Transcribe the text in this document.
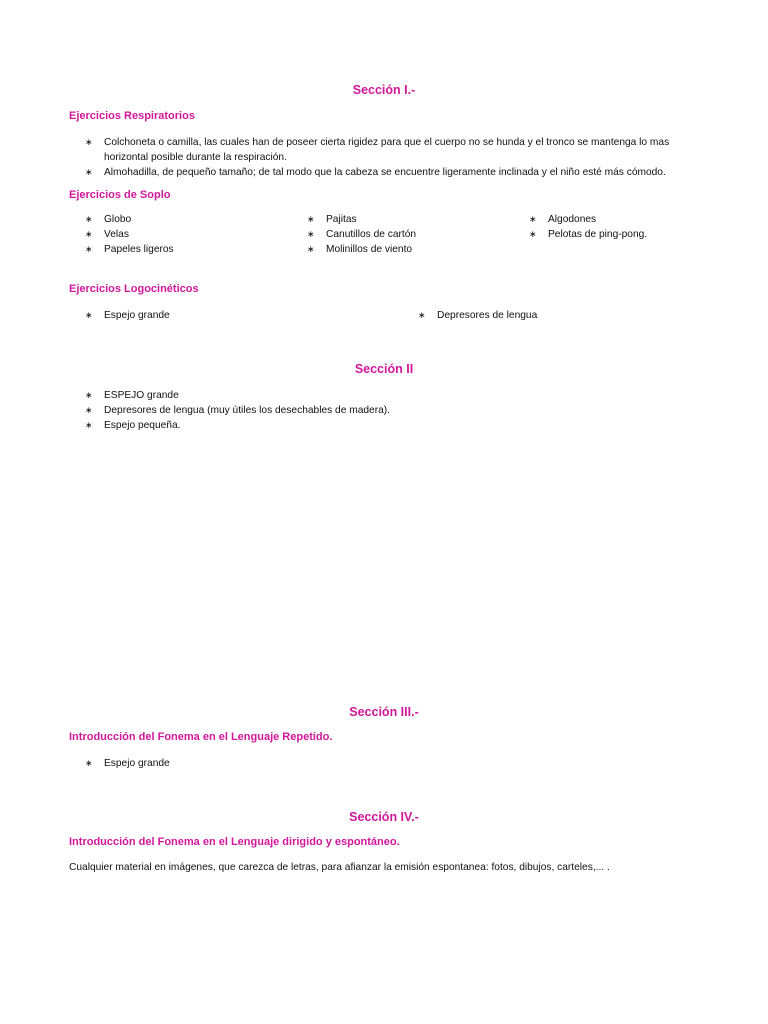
Sección I.-
Ejercicios Respiratorios
∗ Colchoneta o camilla, las cuales han de poseer cierta rigidez para que el cuerpo no se hunda y el tronco se mantenga lo mas horizontal posible durante la respiración.
∗ Almohadilla, de pequeño tamaño; de tal modo que la cabeza se encuentre ligeramente inclinada y el niño esté más cómodo.
Ejercicios de Soplo
∗ Globo
∗ Velas
∗ Papeles ligeros
∗ Pajitas
∗ Canutillos de cartón
∗ Molinillos de viento
∗ Algodones
∗ Pelotas de ping-pong.
Ejercicios Logocinéticos
∗ Espejo grande	∗ Depresores de lengua
Sección II
∗ ESPEJO grande
∗ Depresores de lengua (muy útiles los desechables de madera).
∗ Espejo pequeña.
Sección III.-
Introducción del Fonema en el Lenguaje Repetido.
∗ Espejo grande
Sección IV.-
Introducción del Fonema en el Lenguaje dirigido y espontáneo.

Cualquier material en imágenes, que carezca de letras, para afianzar la emisión espontanea: fotos, dibujos, carteles,... .
